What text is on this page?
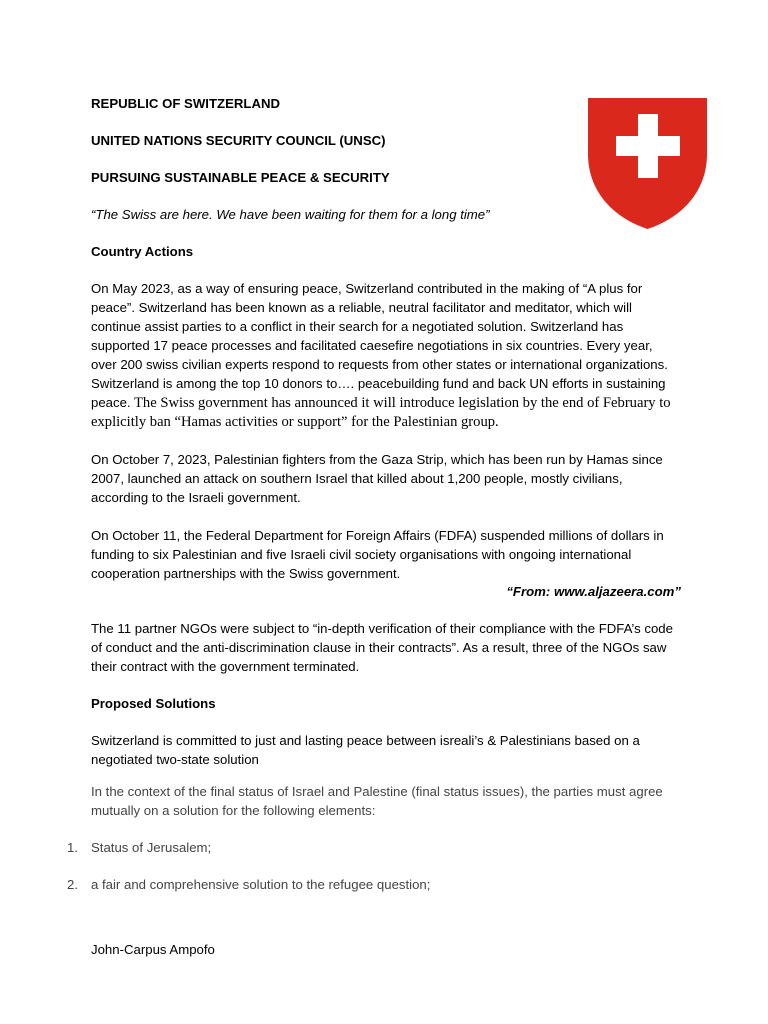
REPUBLIC OF SWITZERLAND

UNITED NATIONS SECURITY COUNCIL (UNSC)

PURSUING SUSTAINABLE PEACE & SECURITY

“The Swiss are here. We have been waiting for them for a long time”

Country Actions

On May 2023, as a way of ensuring peace, Switzerland contributed in the making of “A plus for peace”. Switzerland has been known as a reliable, neutral facilitator and meditator, which will continue assist parties to a conflict in their search for a negotiated solution. Switzerland has supported 17 peace processes and facilitated caesefire negotiations in six countries. Every year, over 200 swiss civilian experts respond to requests from other states or international organizations. Switzerland is among the top 10 donors to…. peacebuilding fund and back UN efforts in sustaining peace. The Swiss government has announced it will introduce legislation by the end of February to explicitly ban “Hamas activities or support” for the Palestinian group.

On October 7, 2023, Palestinian fighters from the Gaza Strip, which has been run by Hamas since 2007, launched an attack on southern Israel that killed about 1,200 people, mostly civilians, according to the Israeli government.

On October 11, the Federal Department for Foreign Affairs (FDFA) suspended millions of dollars in funding to six Palestinian and five Israeli civil society organisations with ongoing international cooperation partnerships with the Swiss government.

“From: www.aljazeera.com”

The 11 partner NGOs were subject to “in-depth verification of their compliance with the FDFA’s code of conduct and the anti-discrimination clause in their contracts”. As a result, three of the NGOs saw their contract with the government terminated.

Proposed Solutions

Switzerland is committed to just and lasting peace between isreali’s & Palestinians based on a negotiated two-state solution

In the context of the final status of Israel and Palestine (final status issues), the parties must agree mutually on a solution for the following elements:

1. Status of Jerusalem;
2. a fair and comprehensive solution to the refugee question;

John-Carpus Ampofo
